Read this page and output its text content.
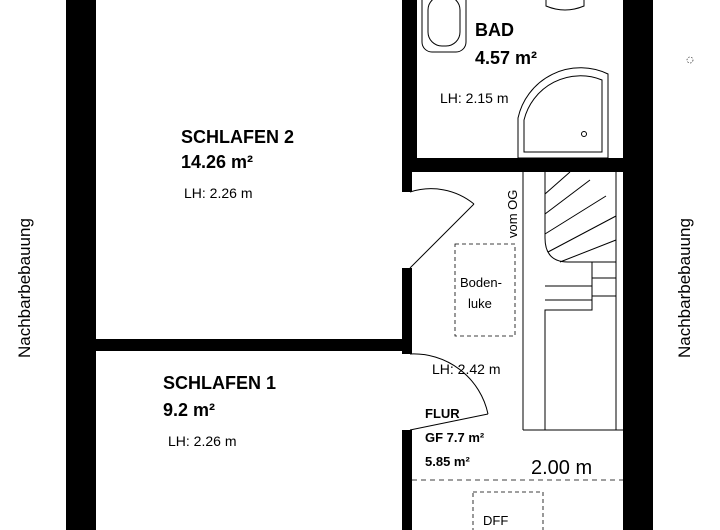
SCHLAFEN 2
14.26 m²
LH: 2.26 m
BAD
4.57 m²
LH: 2.15 m
SCHLAFEN 1
9.2 m²
LH: 2.26 m
Boden-
luke
vom OG
LH: 2.42 m
FLUR
GF 7.7 m²
5.85 m²	2.00 m
DFF
Nachbarbebauung	Nachbarbebauung
